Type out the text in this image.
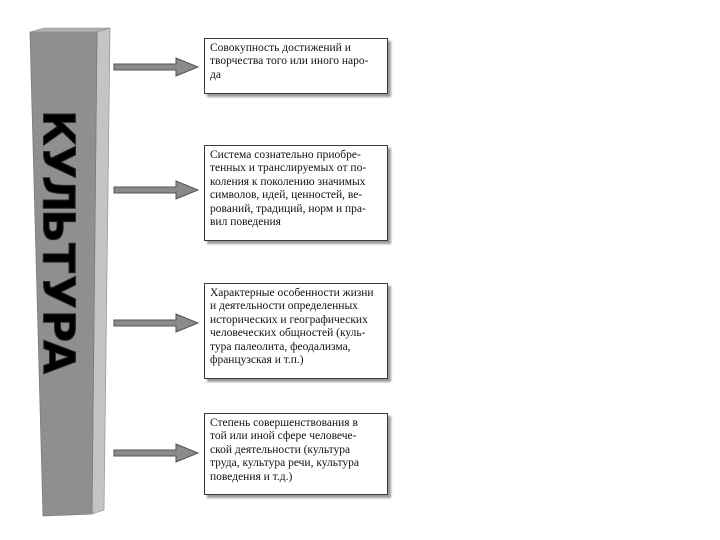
К
У
Л
Ь
Т
У
Р
А
Совокупность достижений и
творчества того или иного наро-
да
Система сознательно приобре-
тенных и транслируемых от по-
коления к поколению значимых
символов, идей, ценностей, ве-
рований, традиций, норм и пра-
вил поведения
Характерные особенности жизни
и деятельности определенных
исторических и географических
человеческих общностей (куль-
тура палеолита, феодализма,
французская и т.п.)
Степень совершенствования в
той или иной сфере человече-
ской деятельности (культура
труда, культура речи, культура
поведения и т.д.)
